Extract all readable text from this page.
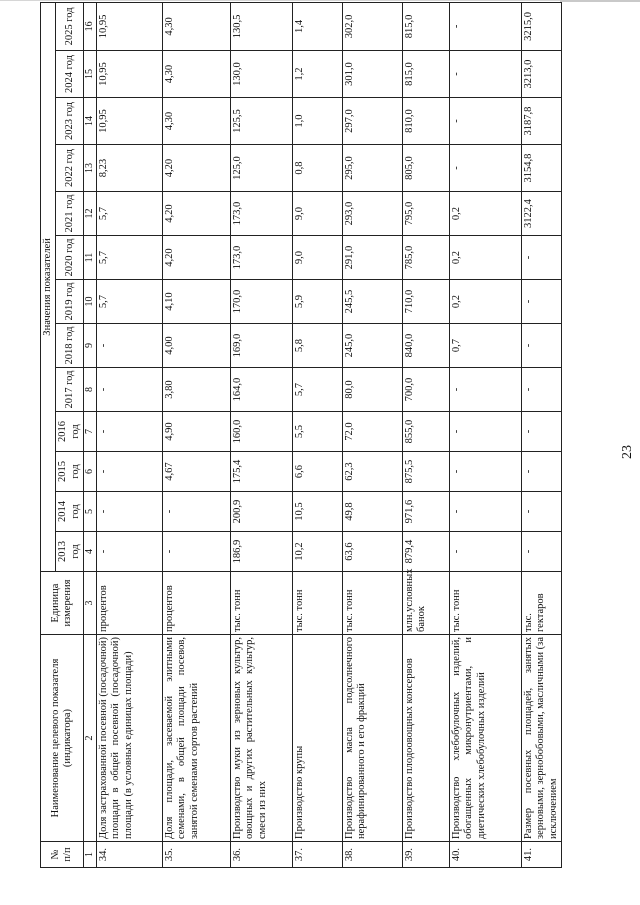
23
№ п/п	Наименование целевого показателя (индикатора)	Единица измерения	Значения показателей												
			2013 год	2014 год	2015 год	2016 год	2017 год	2018 год	2019 год	2020 год	2021 год	2022 год	2023 год	2024 год	2025 год
1	2	3	4	5	6	7	8	9	10	11	12	13	14	15	16
34.	Доля застрахованной посевной (посадочной) площади в общей посевной (посадочной) площади (в условных единицах площади)	процентов	-	-	-	-	-	-	5,7	5,7	5,7	8,23	10,95	10,95	10,95
35.	Доля площади, засеваемой элитными семенами, в общей площади посевов, занятой семенами сортов растений	процентов	-	-	4,67	4,90	3,80	4,00	4,10	4,20	4,20	4,20	4,30	4,30	4,30
36.	Производство муки из зерновых культур, овощных и других растительных культур, смеси из них	тыс. тонн	186,9	200,9	175,4	160,0	164,0	169,0	170,0	173,0	173,0	125,0	125,5	130,0	130,5
37.	Производство крупы	тыс. тонн	10,2	10,5	6,6	5,5	5,7	5,8	5,9	9,0	9,0	0,8	1,0	1,2	1,4
38.	Производство масла подсолнечного нерафинированного и его фракций	тыс. тонн	63,6	49,8	62,3	72,0	80,0	245,0	245,5	291,0	293,0	295,0	297,0	301,0	302,0
39.	Производство плодоовощных консервов	млн.условных банок	879,4	971,6	875,5	855,0	700,0	840,0	710,0	785,0	795,0	805,0	810,0	815,0	815,0
40.	Производство хлебобулочных изделий, обогащенных микронутриентами, и диетических хлебобулочных изделий	тыс. тонн	-	-	-	-	-	0,7	0,2	0,2	0,2	-	-	-	-
41.	Размер посевных площадей, занятых зерновыми, зернобобовыми, масличными (за исключением	тыс. гектаров	-	-	-	-	-	-	-	-	3122,4	3154,8	3187,8	3213,0	3215,0
